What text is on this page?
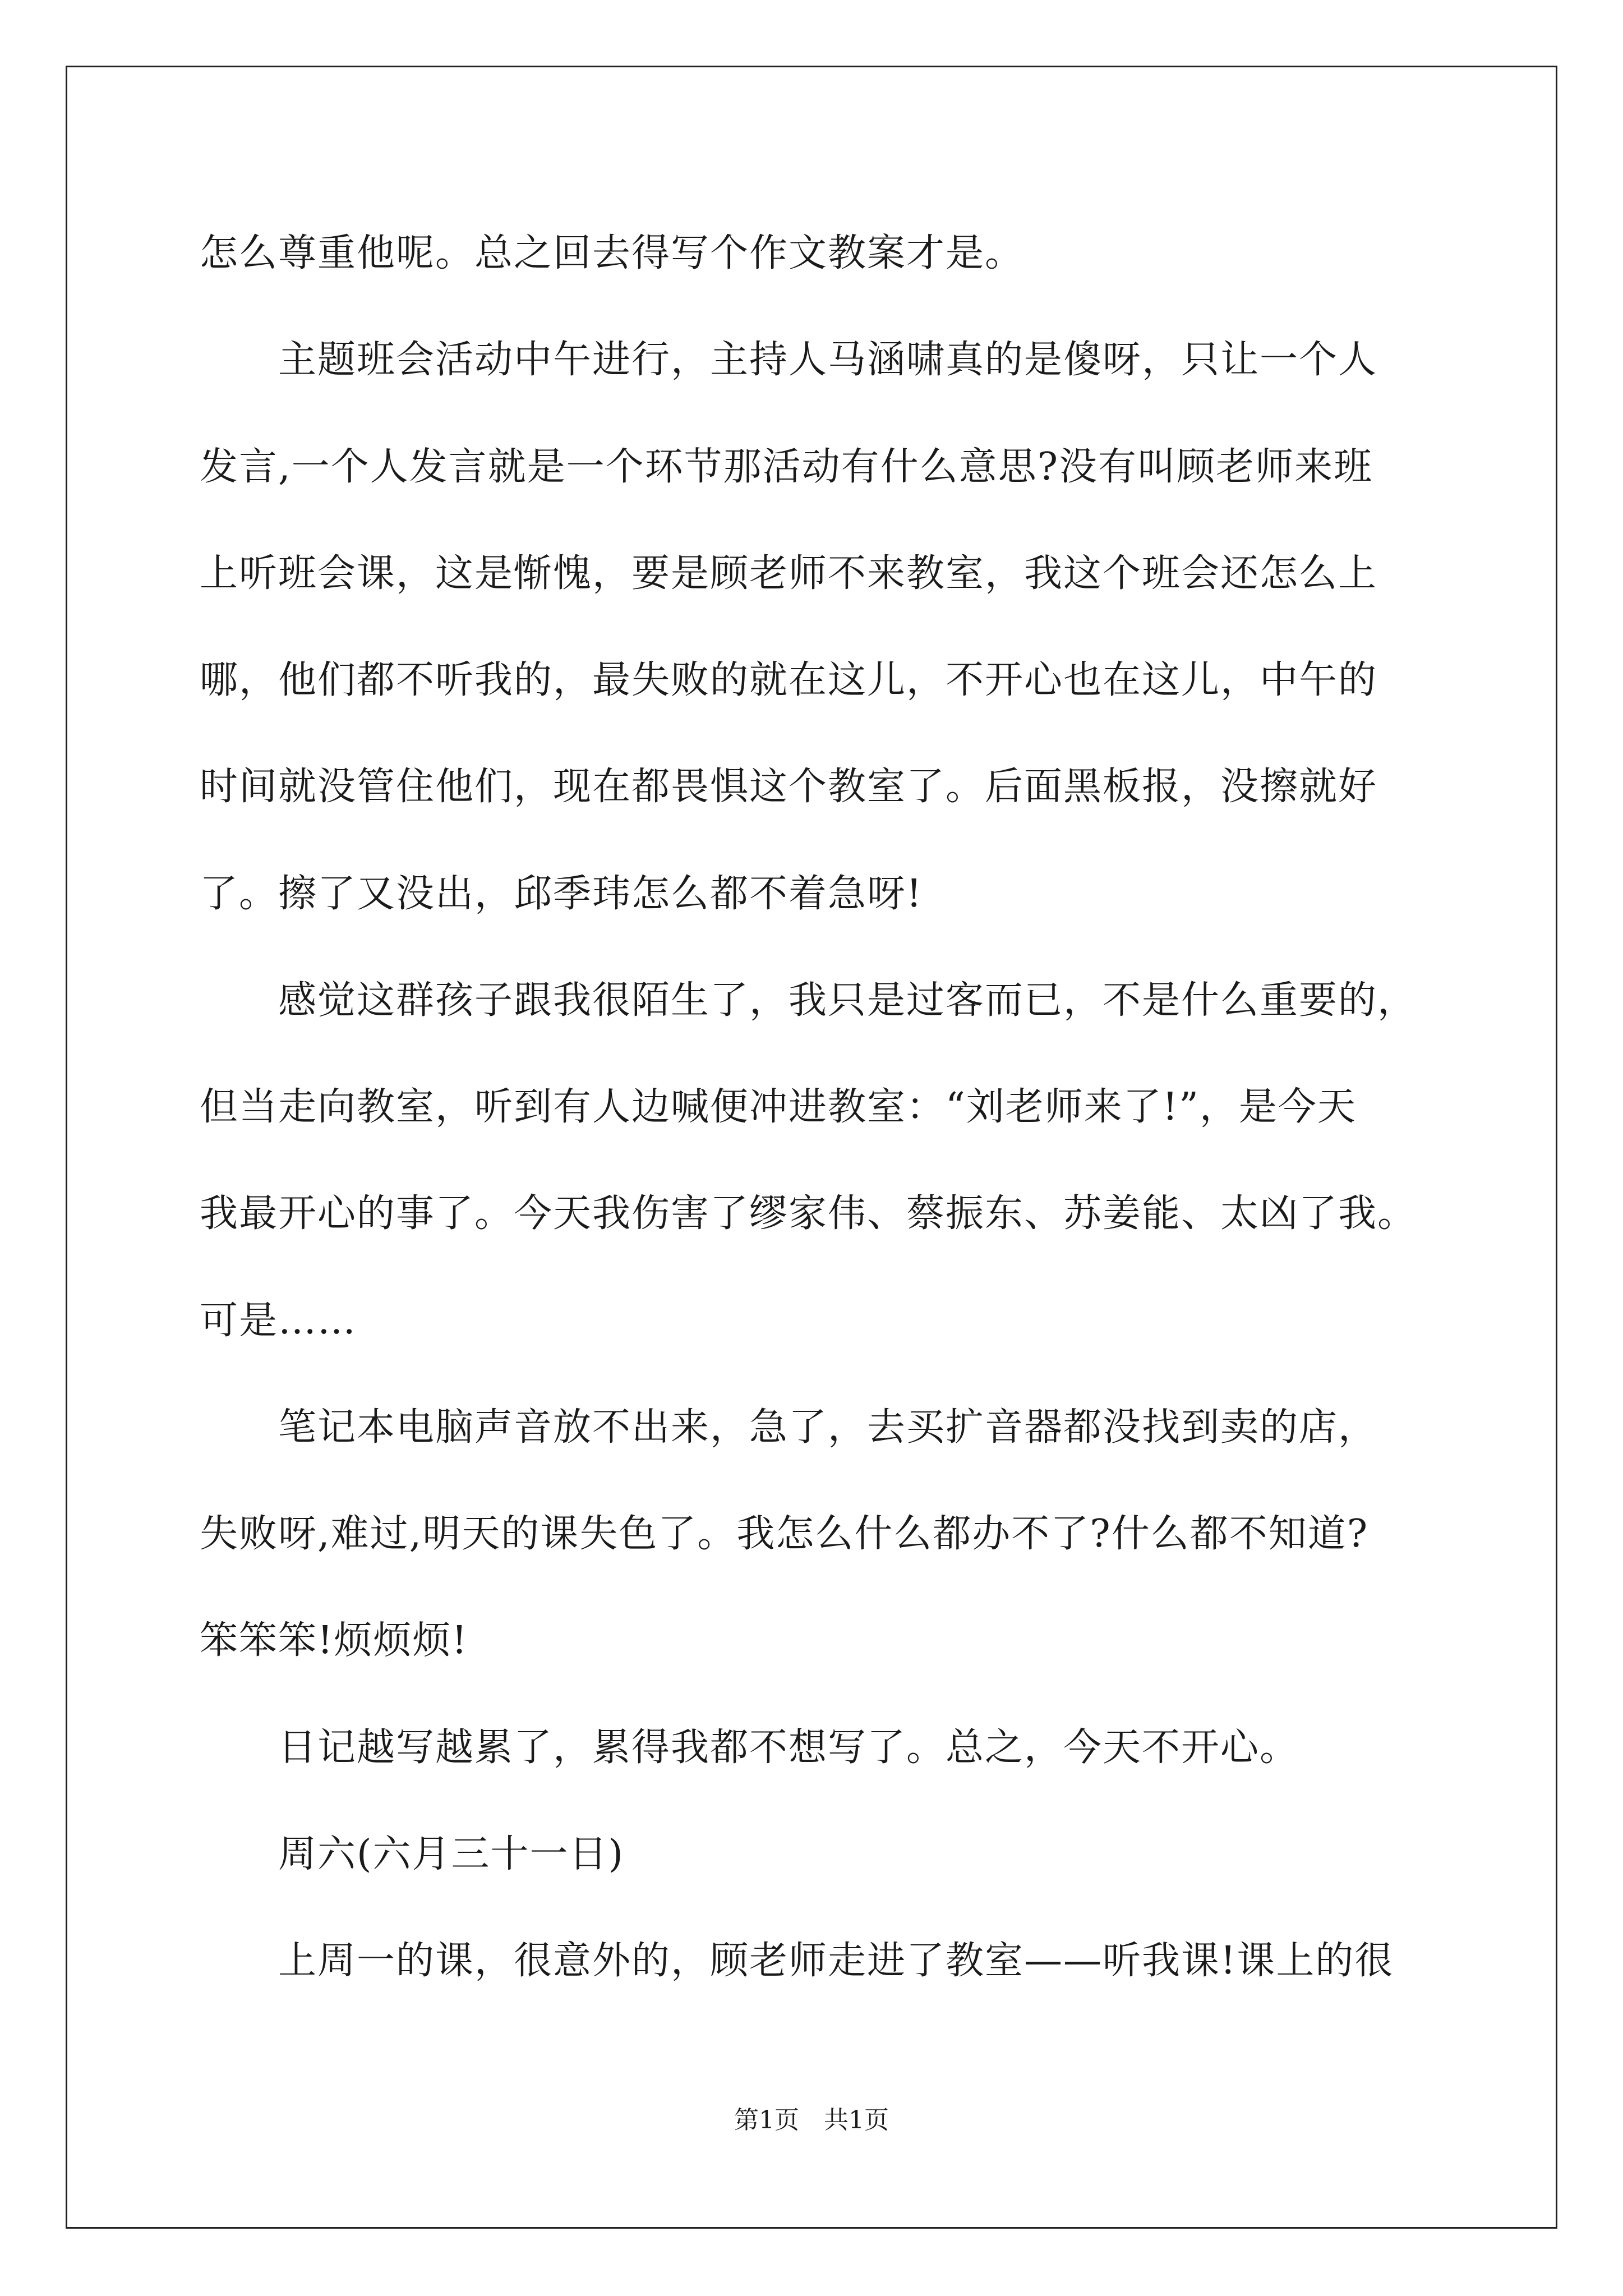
怎么尊重他呢。总之回去得写个作文教案才是。
　　主题班会活动中午进行，主持人马涵啸真的是傻呀，只让一个人
发言,一个人发言就是一个环节那活动有什么意思?没有叫顾老师来班
上听班会课，这是惭愧，要是顾老师不来教室，我这个班会还怎么上
哪，他们都不听我的，最失败的就在这儿，不开心也在这儿，中午的
时间就没管住他们，现在都畏惧这个教室了。后面黑板报，没擦就好
了。擦了又没出，邱季玮怎么都不着急呀!
　　感觉这群孩子跟我很陌生了，我只是过客而已，不是什么重要的，
但当走向教室，听到有人边喊便冲进教室：“刘老师来了!”，是今天
我最开心的事了。今天我伤害了缪家伟、蔡振东、苏姜能、太凶了我。
可是……
　　笔记本电脑声音放不出来，急了，去买扩音器都没找到卖的店，
失败呀,难过,明天的课失色了。我怎么什么都办不了?什么都不知道?
笨笨笨!烦烦烦!
　　日记越写越累了，累得我都不想写了。总之，今天不开心。
　　周六(六月三十一日)
　　上周一的课，很意外的，顾老师走进了教室——听我课!课上的很
第1页　共1页
